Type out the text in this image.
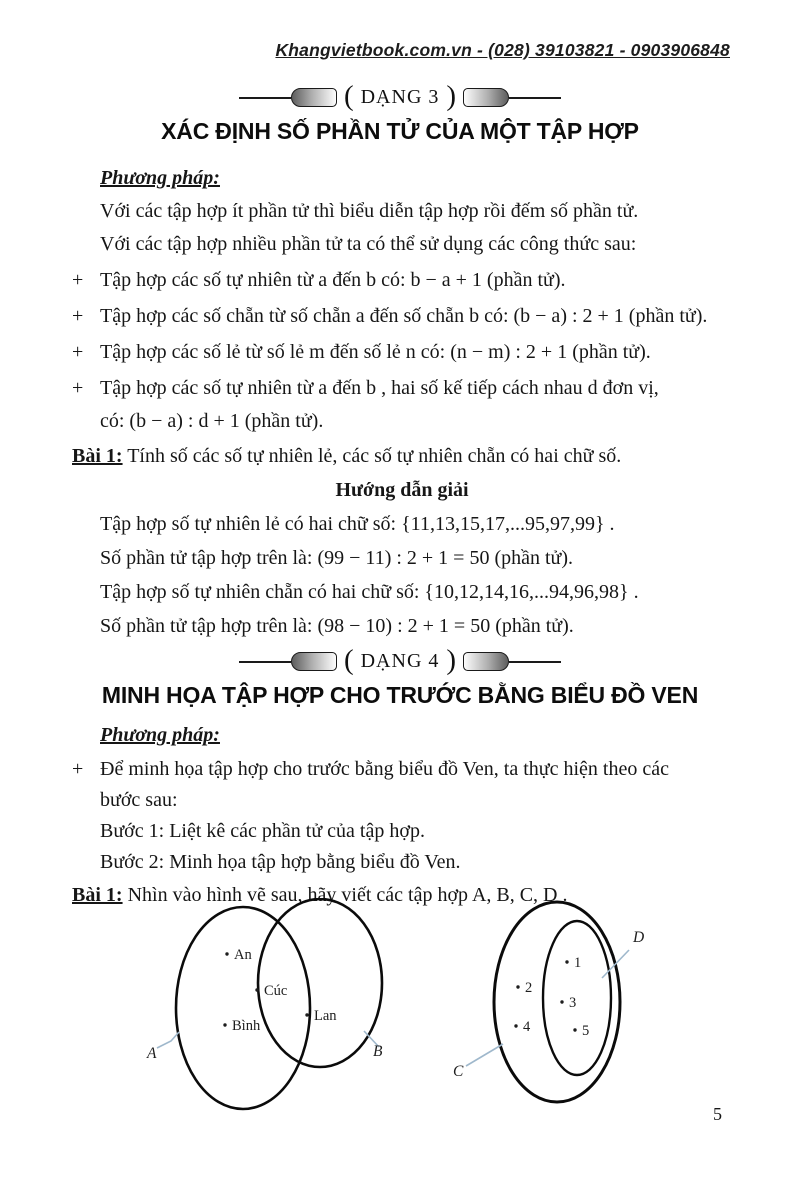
Khangvietbook.com.vn - (028) 39103821 - 0903906848
( DẠNG 3 )
XÁC ĐỊNH SỐ PHẦN TỬ CỦA MỘT TẬP HỢP
Phương pháp:
Với các tập hợp ít phần tử thì biểu diễn tập hợp rồi đếm số phần tử.
Với các tập hợp nhiều phần tử ta có thể sử dụng các công thức sau:
+ Tập hợp các số tự nhiên từ a đến b có: b − a + 1 (phần tử).
+ Tập hợp các số chẵn từ số chẵn a đến số chẵn b có: (b − a) : 2 + 1 (phần tử).
+ Tập hợp các số lẻ từ số lẻ m đến số lẻ n có: (n − m) : 2 + 1 (phần tử).
+ Tập hợp các số tự nhiên từ a đến b , hai số kế tiếp cách nhau d đơn vị,
có: (b − a) : d + 1 (phần tử).
Bài 1: Tính số các số tự nhiên lẻ, các số tự nhiên chẵn có hai chữ số.
Hướng dẫn giải
Tập hợp số tự nhiên lẻ có hai chữ số: {11,13,15,17,...95,97,99} .
Số phần tử tập hợp trên là: (99 − 11) : 2 + 1 = 50 (phần tử).
Tập hợp số tự nhiên chẵn có hai chữ số: {10,12,14,16,...94,96,98} .
Số phần tử tập hợp trên là: (98 − 10) : 2 + 1 = 50 (phần tử).
( DẠNG 4 )
MINH HỌA TẬP HỢP CHO TRƯỚC BẰNG BIỂU ĐỒ VEN
Phương pháp:
+ Để minh họa tập hợp cho trước bằng biểu đồ Ven, ta thực hiện theo các
bước sau:
Bước 1: Liệt kê các phần tử của tập hợp.
Bước 2: Minh họa tập hợp bằng biểu đồ Ven.
Bài 1: Nhìn vào hình vẽ sau, hãy viết các tập hợp A, B, C, D .
An
Cúc
Bình
Lan
A	B
1
2
3
4	5
D
C
5
